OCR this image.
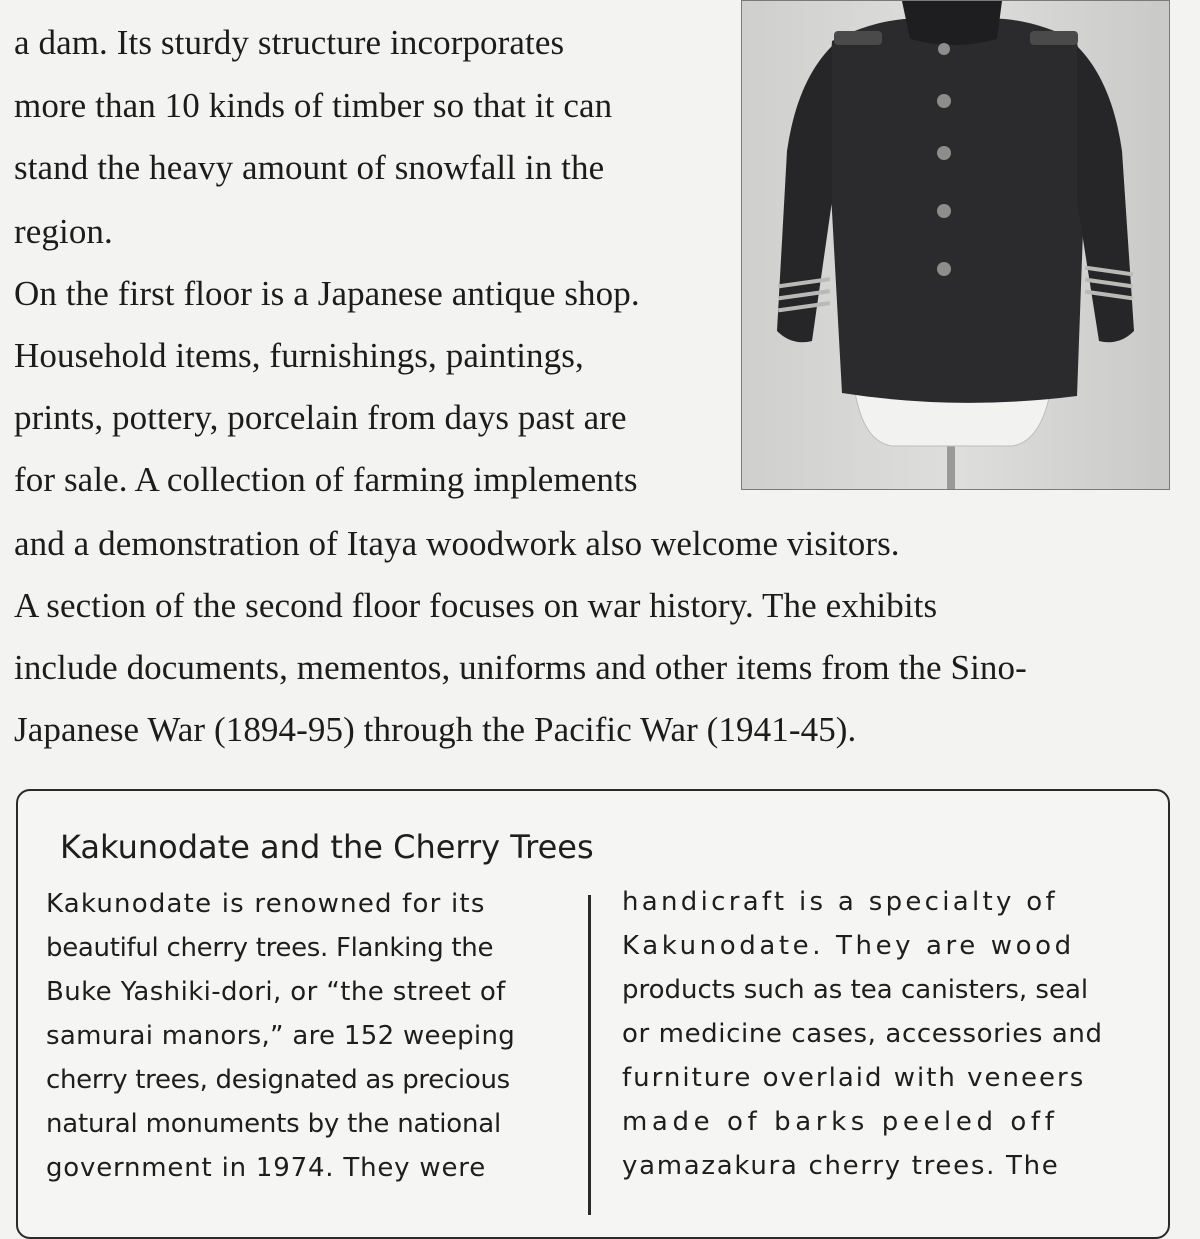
a dam. Its sturdy structure incorporates
more than 10 kinds of timber so that it can
stand the heavy amount of snowfall in the
region.
On the first floor is a Japanese antique shop.
Household items, furnishings, paintings,
prints, pottery, porcelain from days past are
for sale. A collection of farming implements
and a demonstration of Itaya woodwork also welcome visitors.
A section of the second floor focuses on war history. The exhibits
include documents, mementos, uniforms and other items from the Sino-
Japanese War (1894-95) through the Pacific War (1941-45).
Kakunodate and the Cherry Trees
Kakunodate is renowned for its
beautiful cherry trees. Flanking the
Buke Yashiki-dori, or “the street of
samurai manors,” are 152 weeping
cherry trees, designated as precious
natural monuments by the national
government in 1974. They were
handicraft is a specialty of
Kakunodate. They are wood
products such as tea canisters, seal
or medicine cases, accessories and
furniture overlaid with veneers
made of barks peeled off
yamazakura cherry trees. The
